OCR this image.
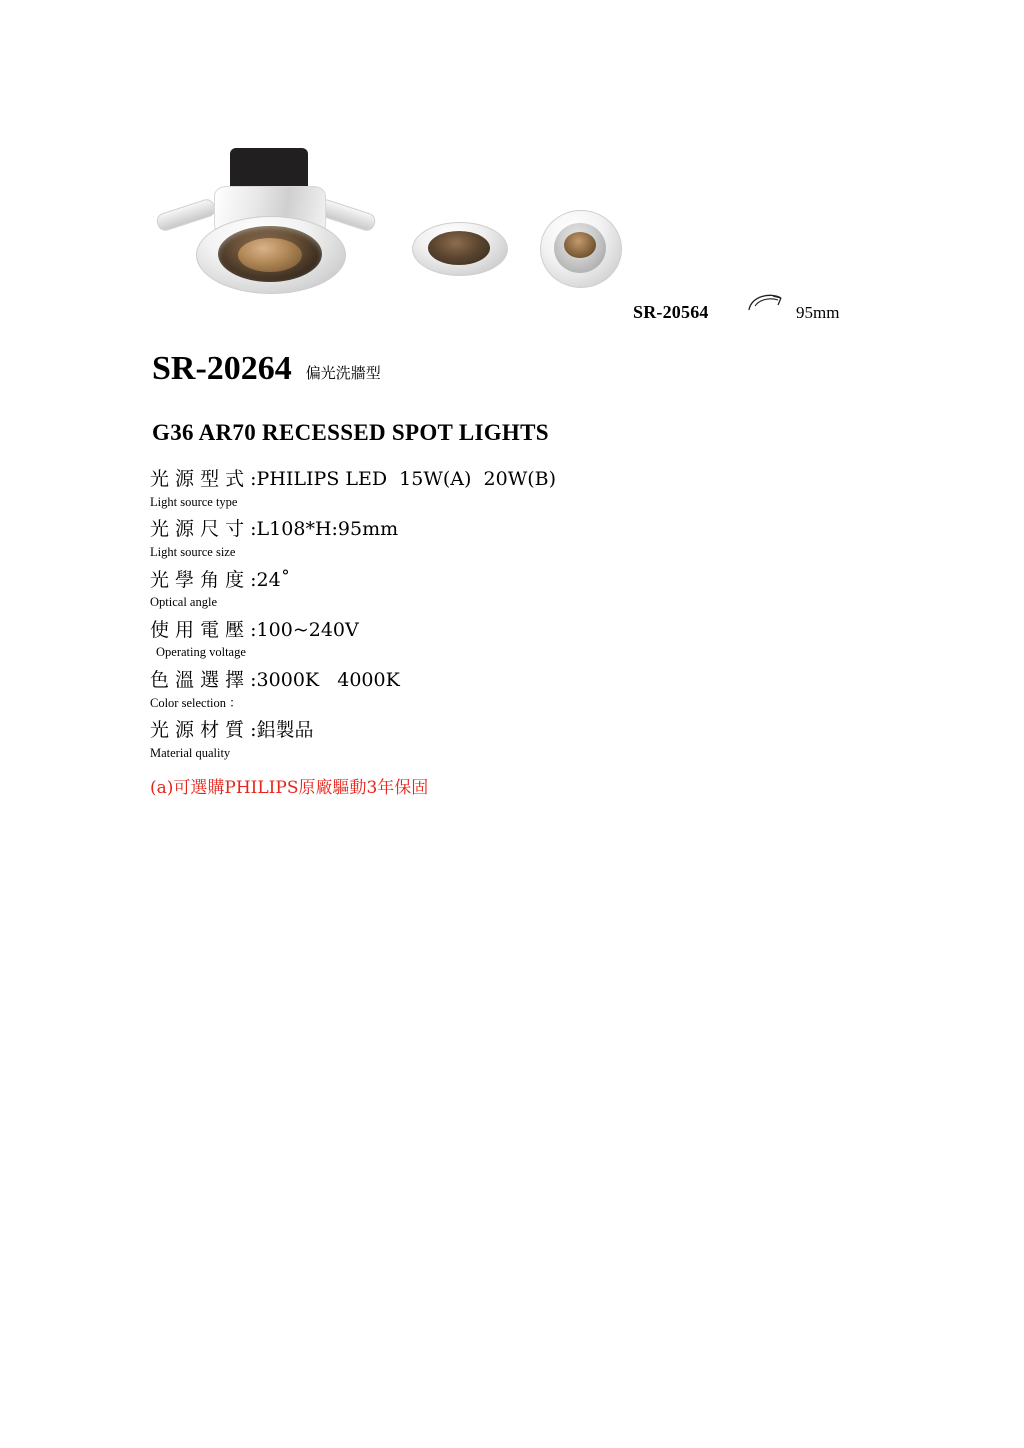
SR-20564	95mm
SR-20264 偏光洗牆型
G36 AR70 RECESSED SPOT LIGHTS
光 源 型 式 :PHILIPS LED  15W(A)  20W(B)
Light source type
光 源 尺 寸 :L108*H:95mm
Light source size
光 學 角 度 :24˚
Optical angle
使 用 電 壓 :100~240V
Operating voltage
色 溫 選 擇 :3000K   4000K
Color selection ：
光 源 材 質 :鋁製品
Material quality
(a)可選購PHILIPS原廠驅動3年保固
